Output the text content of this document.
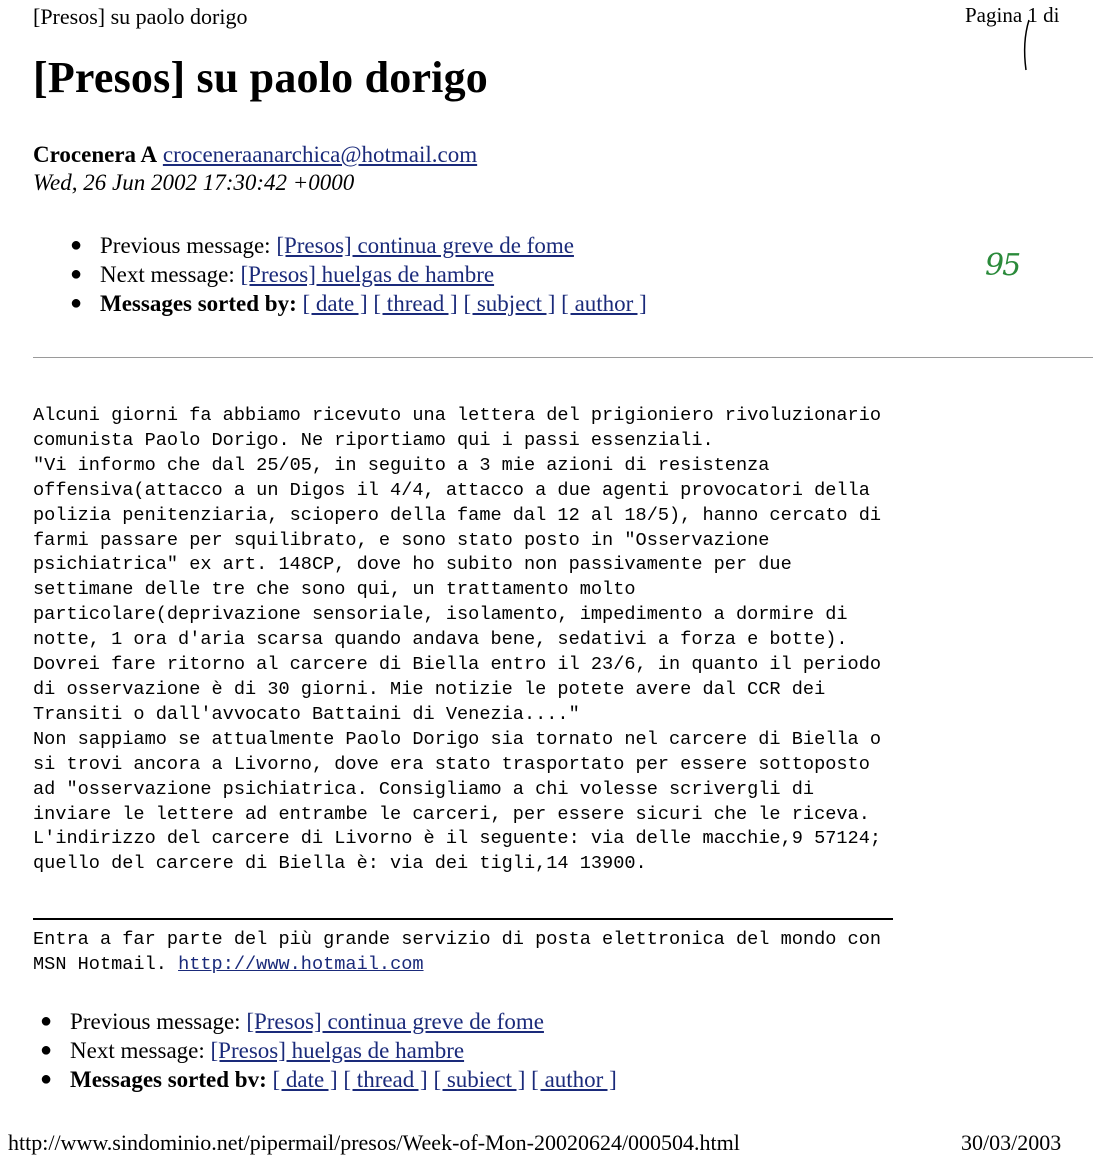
[Presos] su paolo dorigo	Pagina 1 di
[Presos] su paolo dorigo
Crocenera A croceneraanarchica@hotmail.com
Wed, 26 Jun 2002 17:30:42 +0000
● Previous message: [Presos] continua greve de fome
● Next message: [Presos] huelgas de hambre
● Messages sorted by: [ date ] [ thread ] [ subject ] [ author ]
95
Alcuni giorni fa abbiamo ricevuto una lettera del prigioniero rivoluzionario
comunista Paolo Dorigo. Ne riportiamo qui i passi essenziali.
"Vi informo che dal 25/05, in seguito a 3 mie azioni di resistenza
offensiva(attacco a un Digos il 4/4, attacco a due agenti provocatori della
polizia penitenziaria, sciopero della fame dal 12 al 18/5), hanno cercato di
farmi passare per squilibrato, e sono stato posto in "Osservazione
psichiatrica" ex art. 148CP, dove ho subito non passivamente per due
settimane delle tre che sono qui, un trattamento molto
particolare(deprivazione sensoriale, isolamento, impedimento a dormire di
notte, 1 ora d'aria scarsa quando andava bene, sedativi a forza e botte).
Dovrei fare ritorno al carcere di Biella entro il 23/6, in quanto il periodo
di osservazione è di 30 giorni. Mie notizie le potete avere dal CCR dei
Transiti o dall'avvocato Battaini di Venezia...."
Non sappiamo se attualmente Paolo Dorigo sia tornato nel carcere di Biella o
si trovi ancora a Livorno, dove era stato trasportato per essere sottoposto
ad "osservazione psichiatrica. Consigliamo a chi volesse scrivergli di
inviare le lettere ad entrambe le carceri, per essere sicuri che le riceva.
L'indirizzo del carcere di Livorno è il seguente: via delle macchie,9 57124;
quello del carcere di Biella è: via dei tigli,14 13900.
Entra a far parte del più grande servizio di posta elettronica del mondo con
MSN Hotmail. http://www.hotmail.com
● Previous message: [Presos] continua greve de fome
● Next message: [Presos] huelgas de hambre
● Messages sorted bv: [ date ] [ thread ] [ subiect ] [ author ]
http://www.sindominio.net/pipermail/presos/Week-of-Mon-20020624/000504.html	30/03/2003
